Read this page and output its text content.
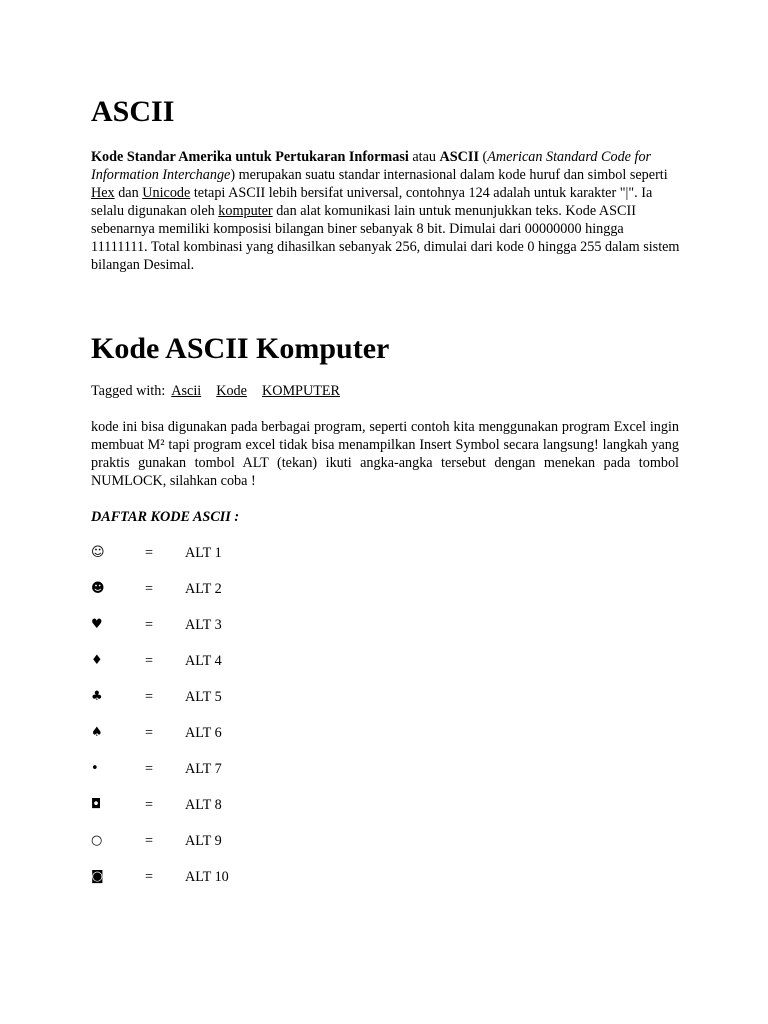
ASCII

Kode Standar Amerika untuk Pertukaran Informasi atau ASCII (American Standard Code for Information Interchange) merupakan suatu standar internasional dalam kode huruf dan simbol seperti Hex dan Unicode tetapi ASCII lebih bersifat universal, contohnya 124 adalah untuk karakter "|". Ia selalu digunakan oleh komputer dan alat komunikasi lain untuk menunjukkan teks. Kode ASCII sebenarnya memiliki komposisi bilangan biner sebanyak 8 bit. Dimulai dari 00000000 hingga 11111111. Total kombinasi yang dihasilkan sebanyak 256, dimulai dari kode 0 hingga 255 dalam sistem bilangan Desimal.

Kode ASCII Komputer

Tagged with: Ascii Kode KOMPUTER

kode ini bisa digunakan pada berbagai program, seperti contoh kita menggunakan program Excel ingin membuat M² tapi program excel tidak bisa menampilkan Insert Symbol secara langsung! langkah yang praktis gunakan tombol ALT (tekan) ikuti angka-angka tersebut dengan menekan pada tombol NUMLOCK, silahkan coba !

DAFTAR KODE ASCII :

☺	= ALT 1
☻	= ALT 2
♥	= ALT 3
♦	= ALT 4
♣	= ALT 5
♠	= ALT 6
•	= ALT 7
◘	= ALT 8
○	= ALT 9
◙	= ALT 10
